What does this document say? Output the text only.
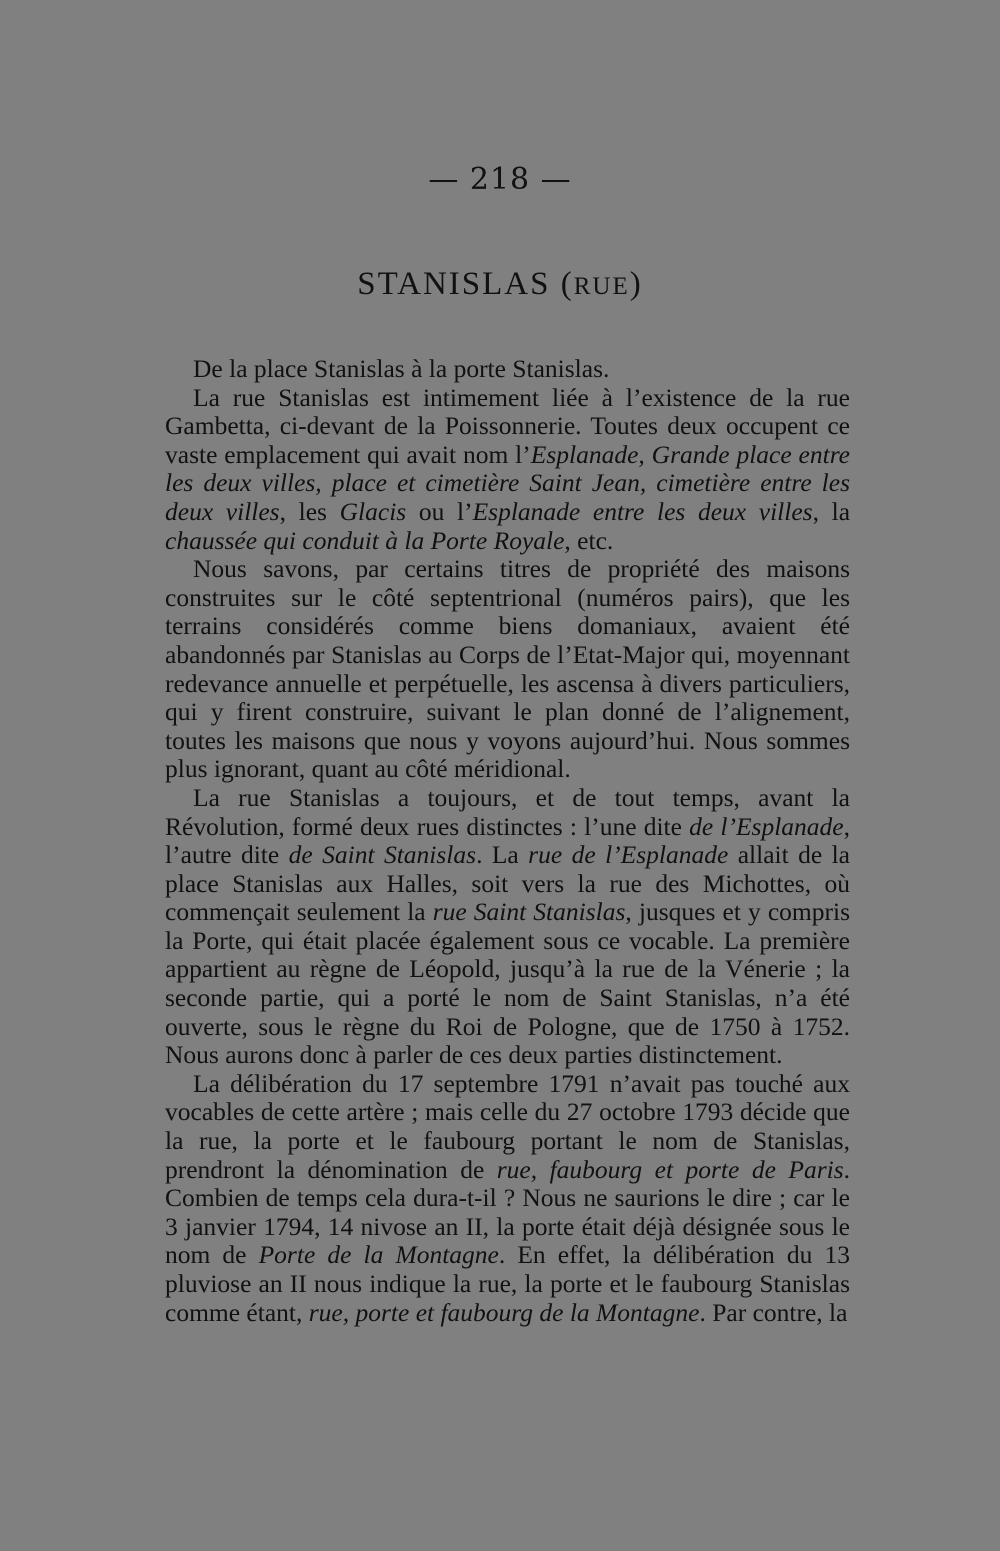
— 218 —
STANISLAS (RUE)

De la place Stanislas à la porte Stanislas.

La rue Stanislas est intimement liée à l’existence de la rue Gambetta, ci-devant de la Poissonnerie. Toutes deux occupent ce vaste emplacement qui avait nom l’Esplanade, Grande place entre les deux villes, place et cimetière Saint Jean, cimetière entre les deux villes, les Glacis ou l’Esplanade entre les deux villes, la chaussée qui conduit à la Porte Royale, etc.

Nous savons, par certains titres de propriété des maisons construites sur le côté septentrional (numéros pairs), que les terrains considérés comme biens domaniaux, avaient été abandonnés par Stanislas au Corps de l’Etat-Major qui, moyennant redevance annuelle et perpétuelle, les ascensa à divers particuliers, qui y firent construire, suivant le plan donné de l’alignement, toutes les maisons que nous y voyons aujourd’hui. Nous sommes plus ignorant, quant au côté méridional.

La rue Stanislas a toujours, et de tout temps, avant la Révolution, formé deux rues distinctes : l’une dite de l’Esplanade, l’autre dite de Saint Stanislas. La rue de l’Esplanade allait de la place Stanislas aux Halles, soit vers la rue des Michottes, où commençait seulement la rue Saint Stanislas, jusques et y compris la Porte, qui était placée également sous ce vocable. La première appartient au règne de Léopold, jusqu’à la rue de la Vénerie ; la seconde partie, qui a porté le nom de Saint Stanislas, n’a été ouverte, sous le règne du Roi de Pologne, que de 1750 à 1752. Nous aurons donc à parler de ces deux parties distinctement.

La délibération du 17 septembre 1791 n’avait pas touché aux vocables de cette artère ; mais celle du 27 octobre 1793 décide que la rue, la porte et le faubourg portant le nom de Stanislas, prendront la dénomination de rue, faubourg et porte de Paris. Combien de temps cela dura-t-il ? Nous ne saurions le dire ; car le 3 janvier 1794, 14 nivose an II, la porte était déjà désignée sous le nom de Porte de la Montagne. En effet, la délibération du 13 pluviose an II nous indique la rue, la porte et le faubourg Stanislas comme étant, rue, porte et faubourg de la Montagne. Par contre, la
